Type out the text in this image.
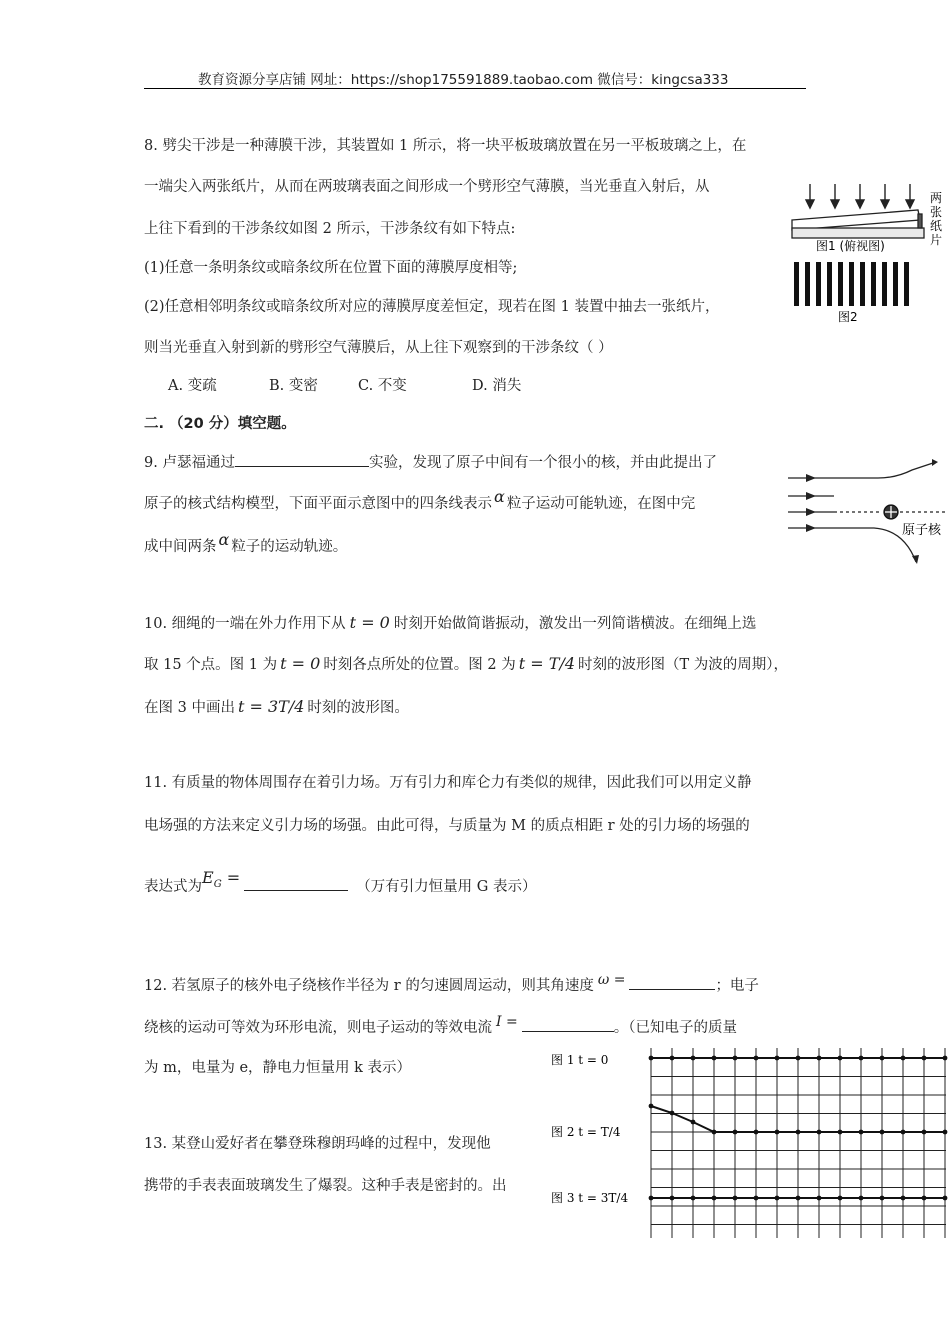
教育资源分享店铺 网址：https://shop175591889.taobao.com 微信号：kingcsa333
8. 劈尖干涉是一种薄膜干涉，其装置如 1 所示，将一块平板玻璃放置在另一平板玻璃之上，在
一端尖入两张纸片，从而在两玻璃表面之间形成一个劈形空气薄膜，当光垂直入射后，从
上往下看到的干涉条纹如图 2 所示，干涉条纹有如下特点:
(1)任意一条明条纹或暗条纹所在位置下面的薄膜厚度相等;
(2)任意相邻明条纹或暗条纹所对应的薄膜厚度差恒定，现若在图 1 装置中抽去一张纸片，
则当光垂直入射到新的劈形空气薄膜后，从上往下观察到的干涉条纹（ ）
A. 变疏	B. 变密	C. 不变	D. 消失
图1 (俯视图)
两
张
纸
片
图2
二. （20 分）填空题。
9. 卢瑟福通过	实验，发现了原子中间有一个很小的核，并由此提出了
原子的核式结构模型，下面平面示意图中的四条线表示 α 粒子运动可能轨迹，在图中完
成中间两条 α 粒子的运动轨迹。
原子核
10. 细绳的一端在外力作用下从 t = 0 时刻开始做简谐振动，激发出一列简谐横波。在细绳上选
取 15 个点。图 1 为 t = 0 时刻各点所处的位置。图 2 为 t = T/4 时刻的波形图（T 为波的周期），
在图 3 中画出 t = 3T/4 时刻的波形图。
11. 有质量的物体周围存在着引力场。万有引力和库仑力有类似的规律，因此我们可以用定义静
电场强的方法来定义引力场的场强。由此可得，与质量为 M 的质点相距 r 处的引力场的场强的
表达式为$E_G$ =	（万有引力恒量用 G 表示）
12. 若氢原子的核外电子绕核作半径为 r 的匀速圆周运动，则其角速度 ω =	；电子
绕核的运动可等效为环形电流，则电子运动的等效电流 I =	。（已知电子的质量
为 m，电量为 e，静电力恒量用 k 表示）
13. 某登山爱好者在攀登珠穆朗玛峰的过程中，发现他
携带的手表表面玻璃发生了爆裂。这种手表是密封的。出
图 1 t = 0
图 2 t = T/4
图 3 t = 3T/4
